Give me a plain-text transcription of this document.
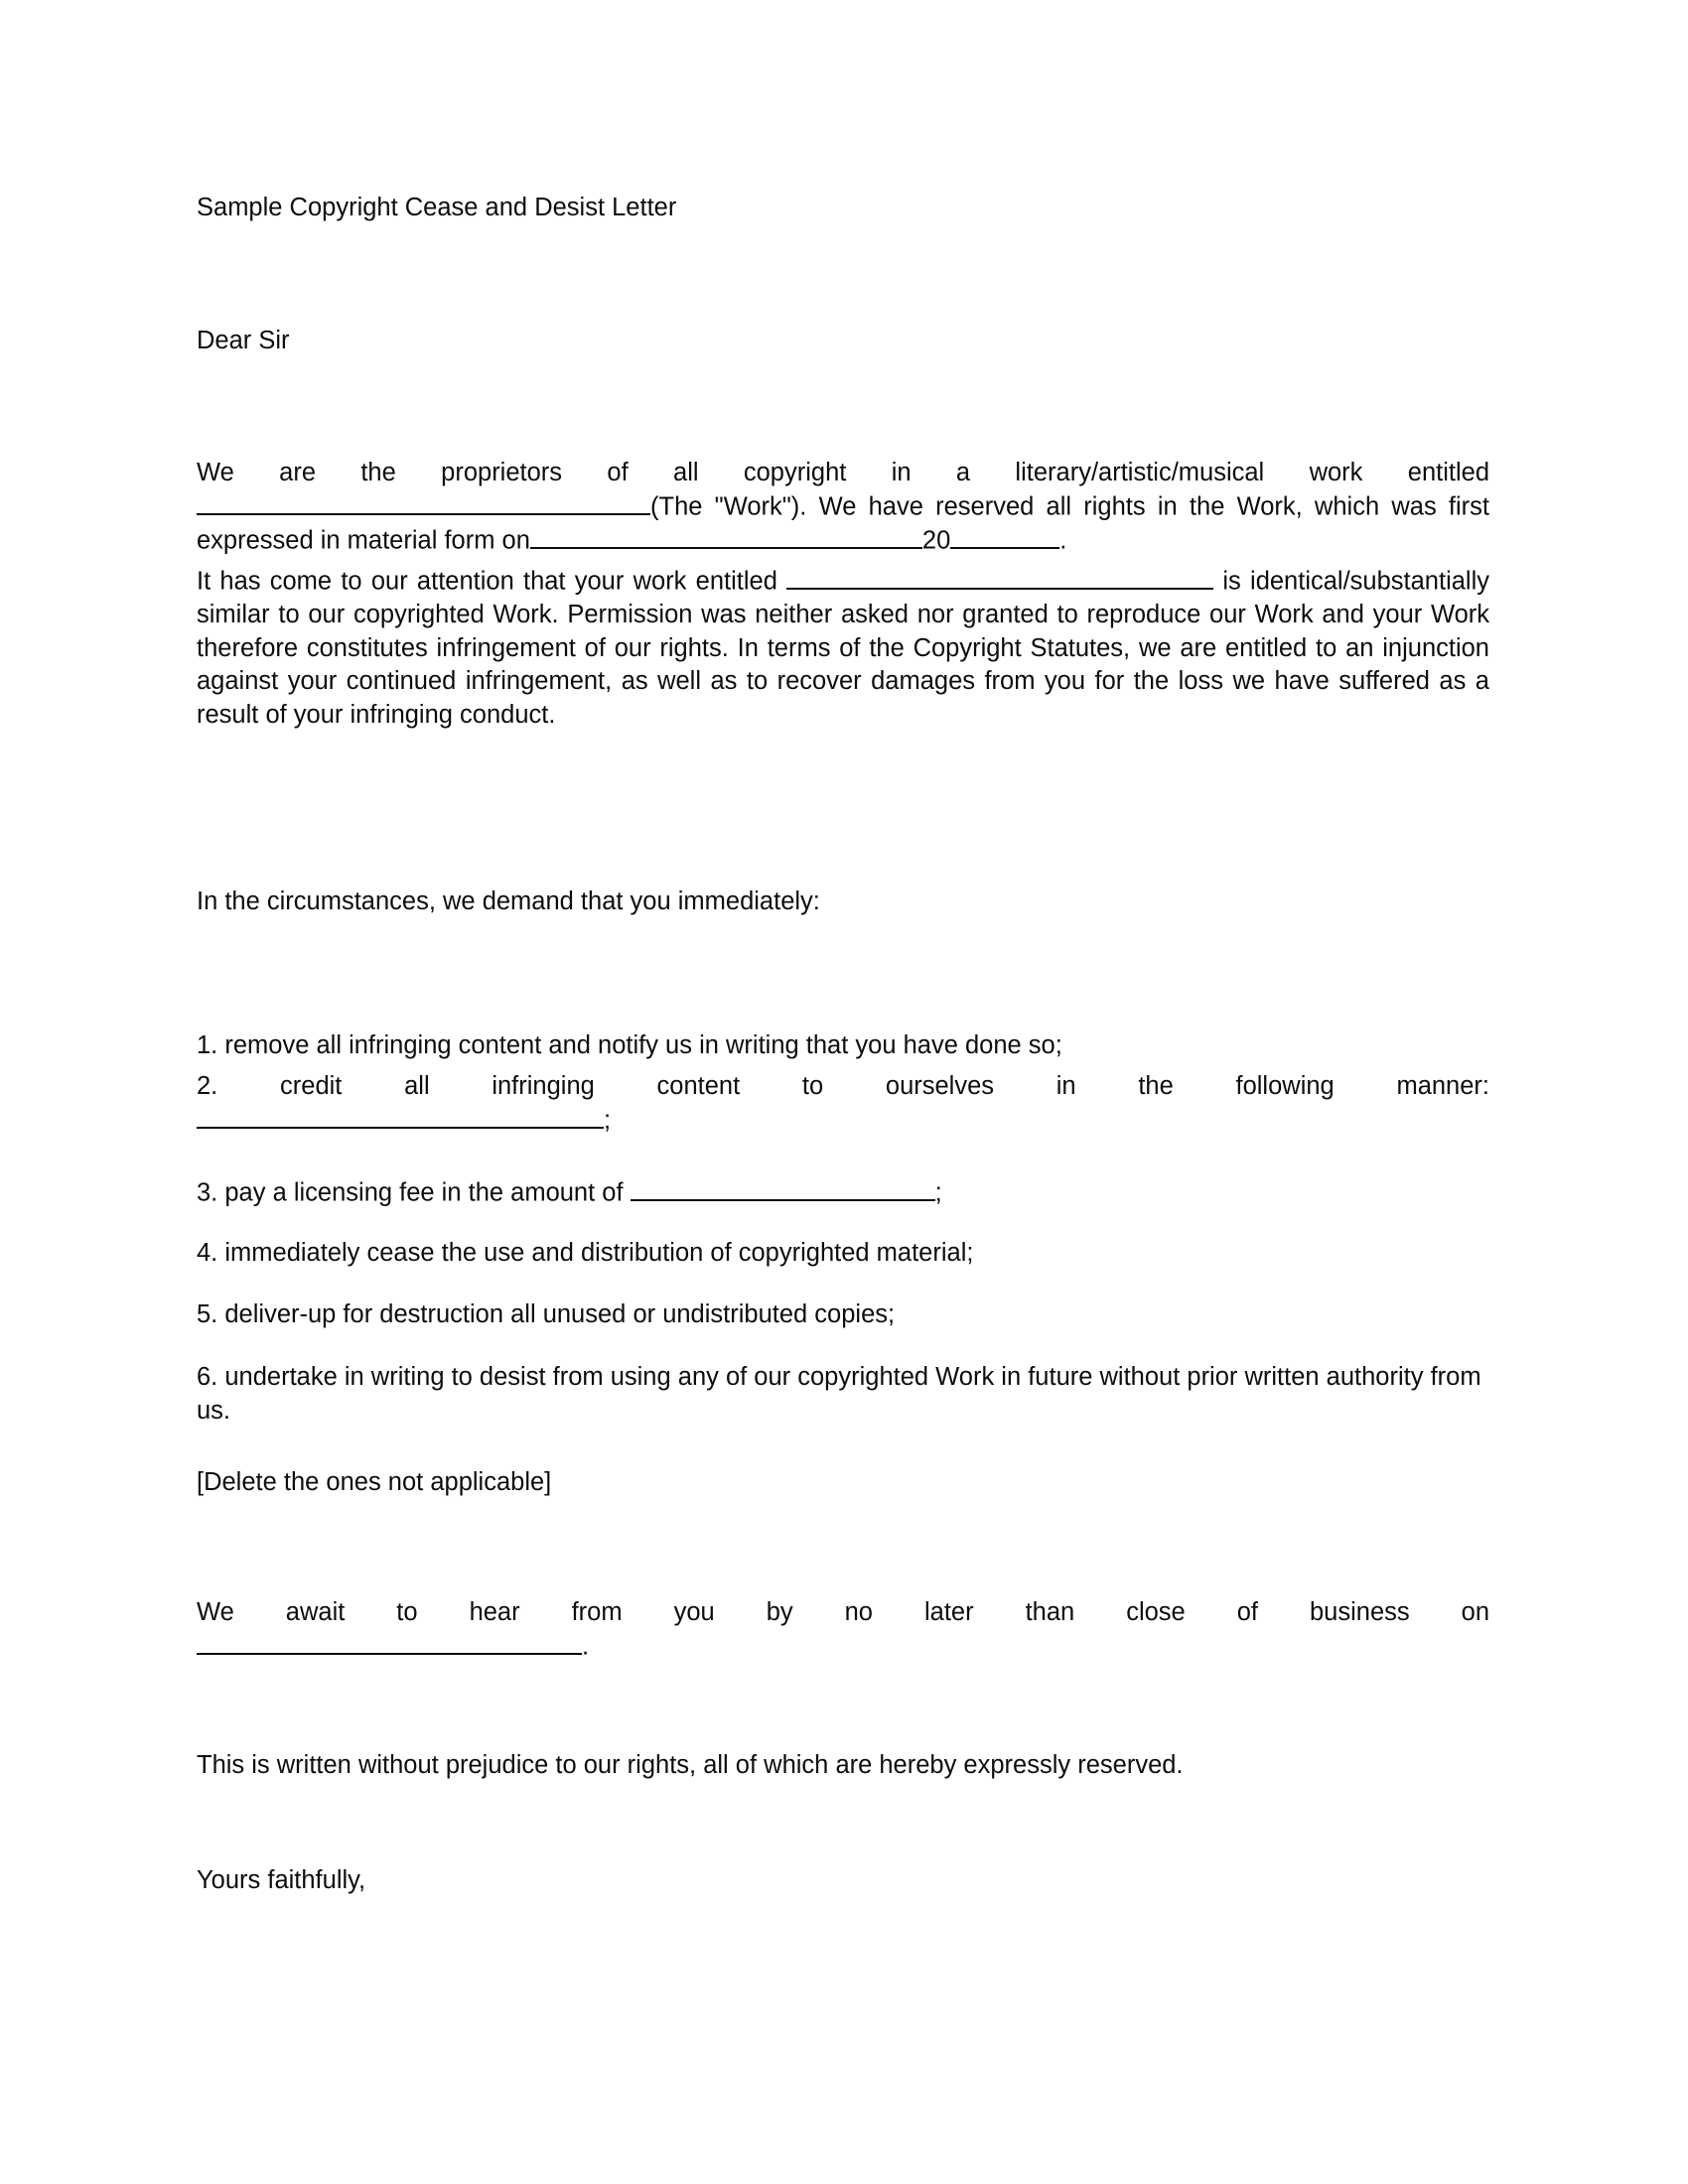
Sample Copyright Cease and Desist Letter
Dear Sir
We are the proprietors of all copyright in a literary/artistic/musical work entitled
(The "Work"). We have reserved all rights in the Work, which was first expressed in material form on	20	.
It has come to our attention that your work entitled	is identical/substantially similar to our copyrighted Work. Permission was neither asked nor granted to reproduce our Work and your Work therefore constitutes infringement of our rights. In terms of the Copyright Statutes, we are entitled to an injunction against your continued infringement, as well as to recover damages from you for the loss we have suffered as a result of your infringing conduct.
In the circumstances, we demand that you immediately:
1. remove all infringing content and notify us in writing that you have done so;
2. credit all infringing content to ourselves in the following manner:
;
3. pay a licensing fee in the amount of	;
4. immediately cease the use and distribution of copyrighted material;
5. deliver-up for destruction all unused or undistributed copies;
6. undertake in writing to desist from using any of our copyrighted Work in future without prior written authority from us.
[Delete the ones not applicable]
We await to hear from you by no later than close of business on
.
This is written without prejudice to our rights, all of which are hereby expressly reserved.
Yours faithfully,
